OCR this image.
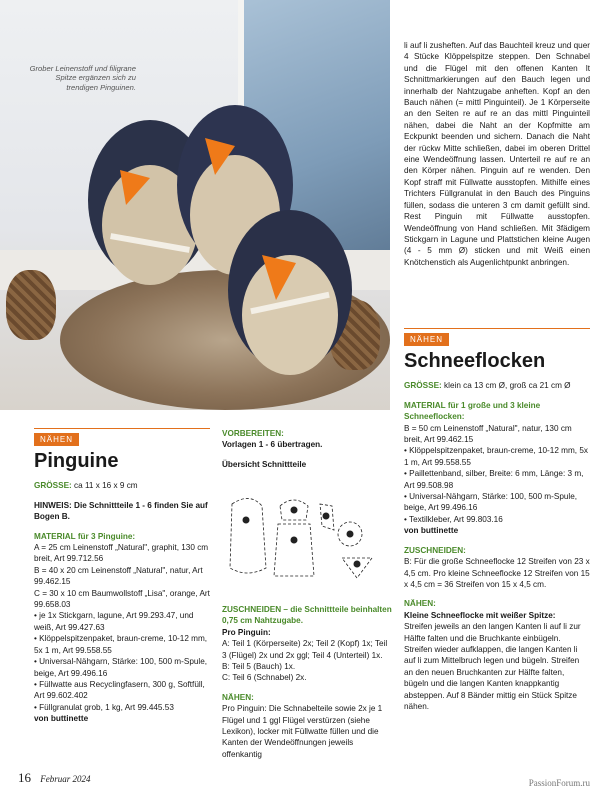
Grober Leinenstoff und filigrane Spitze ergänzen sich zu trendigen Pinguinen.

li auf li zusheften. Auf das Bauchteil kreuz und quer 4 Stücke Klöppelspitze steppen. Den Schnabel und die Flügel mit den offenen Kanten lt Schnittmarkierungen auf den Bauch legen und innerhalb der Nahtzugabe anheften. Kopf an den Bauch nähen (= mittl Pinguinteil). Je 1 Körperseite an den Seiten re auf re an das mittl Pinguinteil nähen, dabei die Naht an der Kopfmitte am Eckpunkt beenden und sichern. Danach die Naht der rückw Mitte schließen, dabei im oberen Drittel eine Wendeöffnung lassen. Unterteil re auf re an den Körper nähen. Pinguin auf re wenden. Den Kopf straff mit Füllwatte ausstopfen. Mithilfe eines Trichters Füllgranulat in den Bauch des Pinguins füllen, sodass die unteren 3 cm damit gefüllt sind. Rest Pinguin mit Füllwatte ausstopfen. Wendeöffnung von Hand schließen. Mit 3fädigem Stickgarn in Lagune und Plattstichen kleine Augen (4 - 5 mm Ø) sticken und mit Weiß einen Knötchenstich als Augenlichtpunkt anbringen.

NÄHEN
Schneeflocken

GRÖSSE: klein ca 13 cm Ø, groß ca 21 cm Ø

MATERIAL für 1 große und 3 kleine Schneeflocken:

B = 50 cm Leinenstoff „Natural", natur, 130 cm breit, Art 99.462.15

• Klöppelspitzenpaket, braun-creme, 10-12 mm, 5x 1 m, Art 99.558.55

• Paillettenband, silber, Breite: 6 mm, Länge: 3 m, Art 99.508.98

• Universal-Nähgarn, Stärke: 100, 500 m-Spule, beige, Art 99.496.16

• Textilkleber, Art 99.803.16

von buttinette

ZUSCHNEIDEN:

B: Für die große Schneeflocke 12 Streifen von 23 x 4,5 cm. Pro kleine Schneeflocke 12 Streifen von 15 x 4,5 cm = 36 Streifen von 15 x 4,5 cm.

NÄHEN:

Kleine Schneeflocke mit weißer Spitze:

Streifen jeweils an den langen Kanten li auf li zur Hälfte falten und die Bruchkante einbügeln. Streifen wieder aufklappen, die langen Kanten li auf li zum Mittelbruch legen und bügeln. Streifen an den neuen Bruchkanten zur Hälfte falten, bügeln und die langen Kanten knappkantig absteppen. Auf 8 Bänder mittig ein Stück Spitze nähen.

NÄHEN
Pinguine

GRÖSSE: ca 11 x 16 x 9 cm

HINWEIS: Die Schnittteile 1 - 6 finden Sie auf Bogen B.

MATERIAL für 3 Pinguine:

A = 25 cm Leinenstoff „Natural", graphit, 130 cm breit, Art 99.712.56

B = 40 x 20 cm Leinenstoff „Natural", natur, Art 99.462.15

C = 30 x 10 cm Baumwollstoff „Lisa", orange, Art 99.658.03

• je 1x Stickgarn, lagune, Art 99.293.47, und weiß, Art 99.427.63

• Klöppelspitzenpaket, braun-creme, 10-12 mm, 5x 1 m, Art 99.558.55

• Universal-Nähgarn, Stärke: 100, 500 m-Spule, beige, Art 99.496.16

• Füllwatte aus Recyclingfasern, 300 g, Softfüll, Art 99.602.402

• Füllgranulat grob, 1 kg, Art 99.445.53

von buttinette

VORBEREITEN:

Vorlagen 1 - 6 übertragen.

Übersicht Schnittteile

ZUSCHNEIDEN – die Schnittteile beinhalten 0,75 cm Nahtzugabe.

Pro Pinguin:

A: Teil 1 (Körperseite) 2x; Teil 2 (Kopf) 1x; Teil 3 (Flügel) 2x und 2x ggl; Teil 4 (Unterteil) 1x.

B: Teil 5 (Bauch) 1x.

C: Teil 6 (Schnabel) 2x.

NÄHEN:

Pro Pinguin: Die Schnabelteile sowie 2x je 1 Flügel und 1 ggl Flügel verstürzen (siehe Lexikon), locker mit Füllwatte füllen und die Kanten der Wendeöffnungen jeweils offenkantig

16 Februar 2024	PassionForum.ru
